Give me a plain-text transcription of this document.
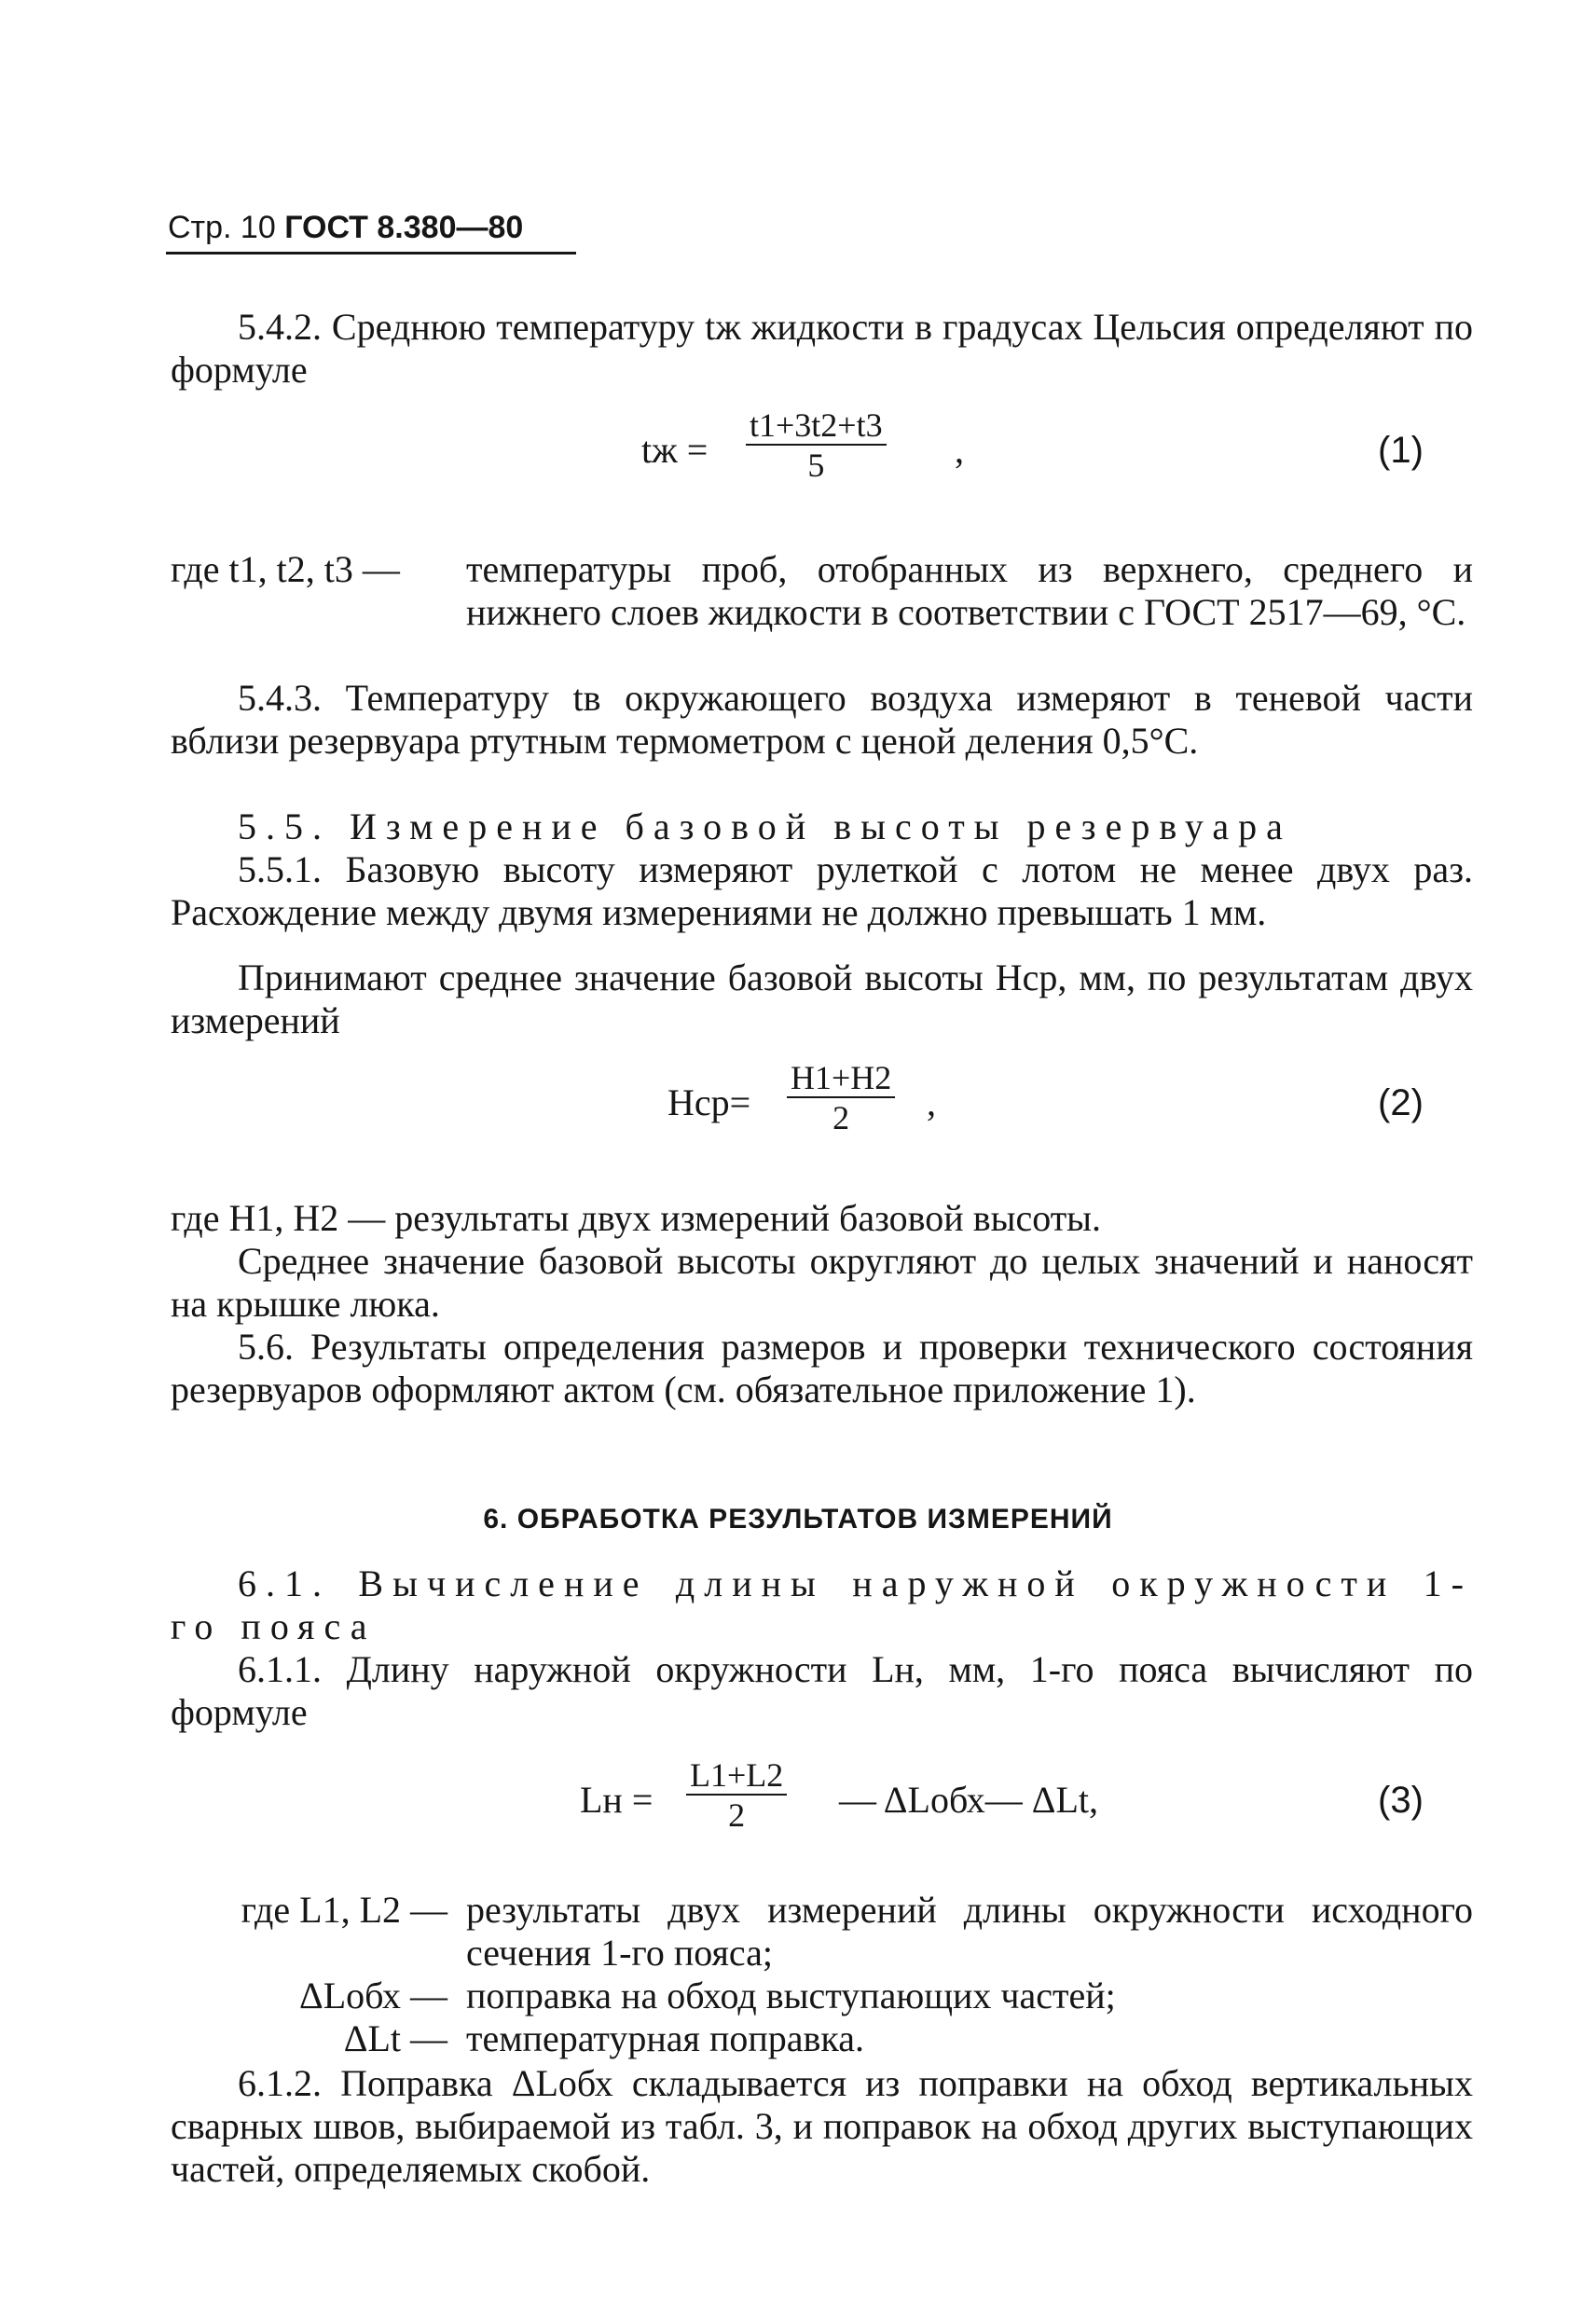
Стр. 10 ГОСТ 8.380—80
5.4.2. Среднюю температуру tж жидкости в градусах Цельсия определяют по формуле
tж =
t1+3t2+t3
5	,	(1)
где t1, t2, t3 — температуры проб, отобранных из верхнего, среднего и нижнего слоев жидкости в соответствии с ГОСТ 2517—69, °С.
5.4.3. Температуру tв окружающего воздуха измеряют в теневой части вблизи резервуара ртутным термометром с ценой деления 0,5°С.
5.5. Измерение базовой высоты резервуара
5.5.1. Базовую высоту измеряют рулеткой с лотом не менее двух раз. Расхождение между двумя измерениями не должно превышать 1 мм.
Принимают среднее значение базовой высоты Hср, мм, по результатам двух измерений
Hср=
H1+H2
2	,	(2)
где H1, H2 — результаты двух измерений базовой высоты.
Среднее значение базовой высоты округляют до целых значений и наносят на крышке люка.
5.6. Результаты определения размеров и проверки технического состояния резервуаров оформляют актом (см. обязательное приложение 1).
6. ОБРАБОТКА РЕЗУЛЬТАТОВ ИЗМЕРЕНИЙ
6.1. Вычисление длины наружной окружности 1-го пояса
6.1.1. Длину наружной окружности Lн, мм, 1-го пояса вычисляют по формуле
Lн =
L1+L2
2	— ΔLобх— ΔLt,	(3)
где L1, L2 — результаты двух измерений длины окружности исходного сечения 1-го пояса;
ΔLобх — поправка на обход выступающих частей;
ΔLt — температурная поправка.
6.1.2. Поправка ΔLобх складывается из поправки на обход вертикальных сварных швов, выбираемой из табл. 3, и поправок на обход других выступающих частей, определяемых скобой.
